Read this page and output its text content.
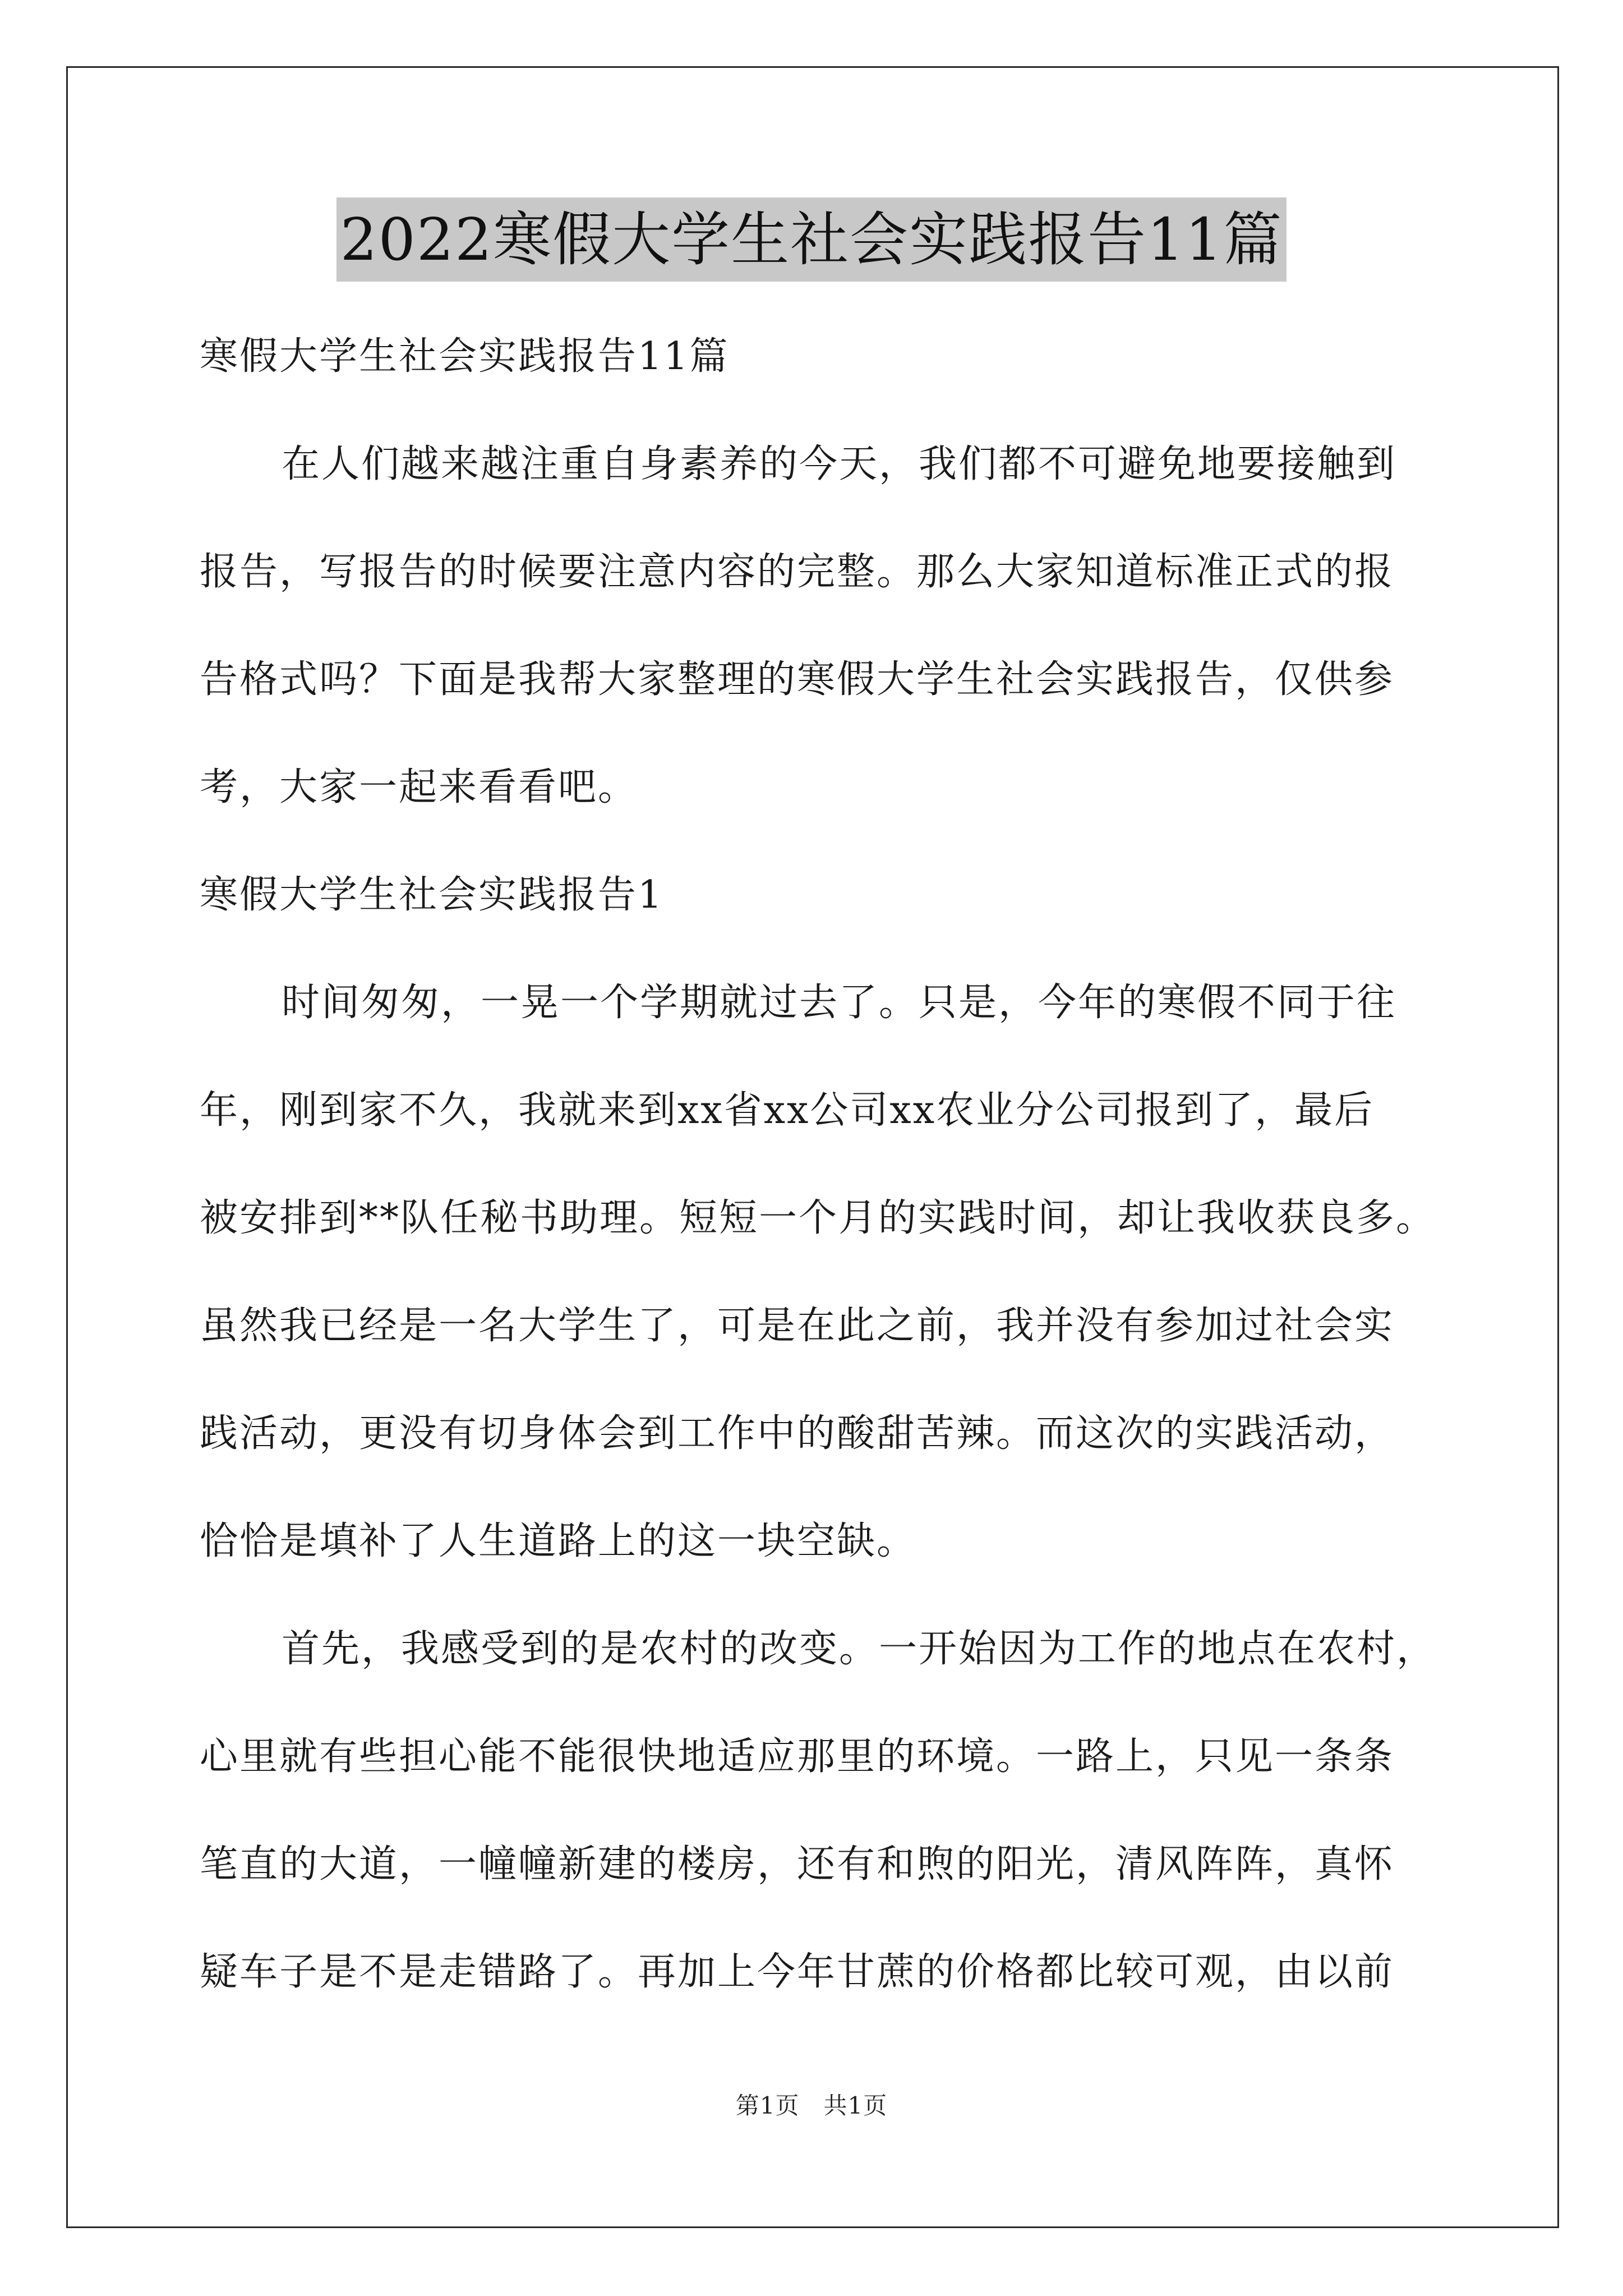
2022寒假大学生社会实践报告11篇

寒假大学生社会实践报告11篇

在人们越来越注重自身素养的今天，我们都不可避免地要接触到

报告，写报告的时候要注意内容的完整。那么大家知道标准正式的报

告格式吗？下面是我帮大家整理的寒假大学生社会实践报告，仅供参

考，大家一起来看看吧。

寒假大学生社会实践报告1

时间匆匆，一晃一个学期就过去了。只是，今年的寒假不同于往

年，刚到家不久，我就来到xx省xx公司xx农业分公司报到了，最后

被安排到**队任秘书助理。短短一个月的实践时间，却让我收获良多。

虽然我已经是一名大学生了，可是在此之前，我并没有参加过社会实

践活动，更没有切身体会到工作中的酸甜苦辣。而这次的实践活动，

恰恰是填补了人生道路上的这一块空缺。

首先，我感受到的是农村的改变。一开始因为工作的地点在农村，

心里就有些担心能不能很快地适应那里的环境。一路上，只见一条条

笔直的大道，一幢幢新建的楼房，还有和煦的阳光，清风阵阵，真怀

疑车子是不是走错路了。再加上今年甘蔗的价格都比较可观，由以前

第1页　共1页
